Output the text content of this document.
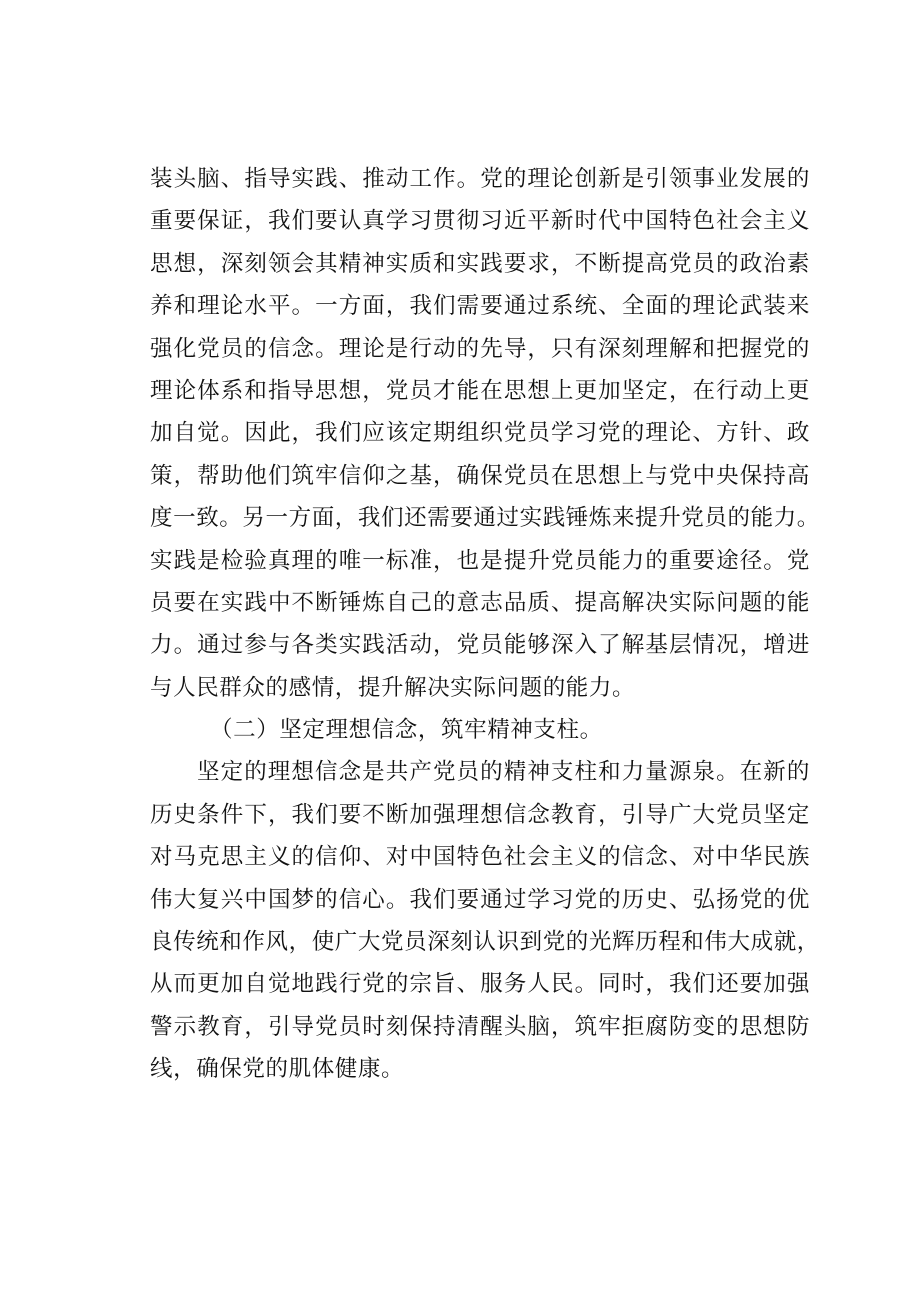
装头脑、指导实践、推动工作。党的理论创新是引领事业发展的
重要保证，我们要认真学习贯彻习近平新时代中国特色社会主义
思想，深刻领会其精神实质和实践要求，不断提高党员的政治素
养和理论水平。一方面，我们需要通过系统、全面的理论武装来
强化党员的信念。理论是行动的先导，只有深刻理解和把握党的
理论体系和指导思想，党员才能在思想上更加坚定，在行动上更
加自觉。因此，我们应该定期组织党员学习党的理论、方针、政
策，帮助他们筑牢信仰之基，确保党员在思想上与党中央保持高
度一致。另一方面，我们还需要通过实践锤炼来提升党员的能力。
实践是检验真理的唯一标准，也是提升党员能力的重要途径。党
员要在实践中不断锤炼自己的意志品质、提高解决实际问题的能
力。通过参与各类实践活动，党员能够深入了解基层情况，增进
与人民群众的感情，提升解决实际问题的能力。
（二）坚定理想信念，筑牢精神支柱。
坚定的理想信念是共产党员的精神支柱和力量源泉。在新的
历史条件下，我们要不断加强理想信念教育，引导广大党员坚定
对马克思主义的信仰、对中国特色社会主义的信念、对中华民族
伟大复兴中国梦的信心。我们要通过学习党的历史、弘扬党的优
良传统和作风，使广大党员深刻认识到党的光辉历程和伟大成就，
从而更加自觉地践行党的宗旨、服务人民。同时，我们还要加强
警示教育，引导党员时刻保持清醒头脑，筑牢拒腐防变的思想防
线，确保党的肌体健康。
